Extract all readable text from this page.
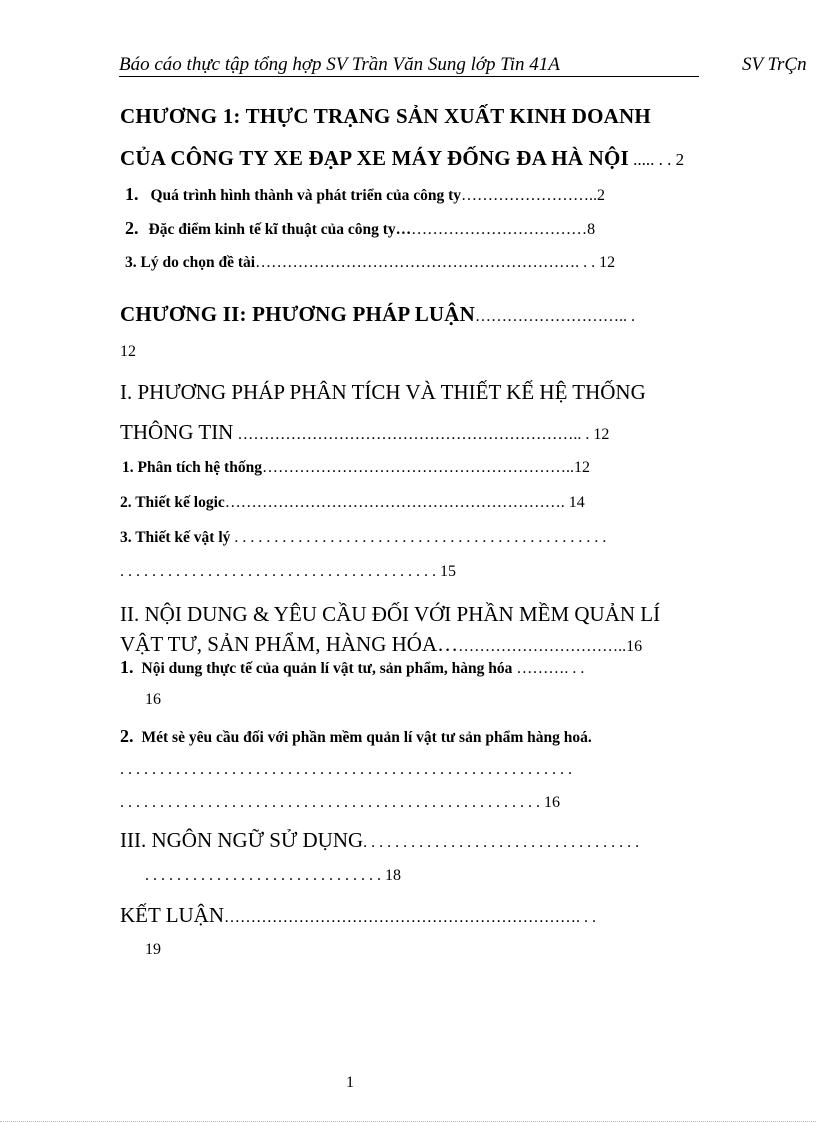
Báo cáo thực tập tổng hợp SV Trần Văn Sung lớp Tin 41A	SV TrÇn
CHƯƠNG 1: THỰC TRẠNG SẢN XUẤT KINH DOANH
CỦA CÔNG TY XE ĐẠP XE MÁY ĐỐNG ĐA HÀ NỘI ..... . . 2
1. Quá trình hình thành và phát triển của công ty……………………..2
2. Đặc điểm kinh tế kĩ thuật của công ty………………………………8
3. Lý do chọn đề tài……………………………………………………. . . 12
CHƯƠNG II: PHƯƠNG PHÁP LUẬN……………………….. .
12
I. PHƯƠNG PHÁP PHÂN TÍCH VÀ THIẾT KẾ HỆ THỐNG
THÔNG TIN ……………………………………………………….. . 12
1. Phân tích hệ thống…………………………………………………..12
2. Thiết kế logic………………………………………………………. 14
3. Thiết kế vật lý . . . . . . . . . . . . . . . . . . . . . . . . . . . . . . . . . . . . . . . . . . . . . . .
. . . . . . . . . . . . . . . . . . . . . . . . . . . . . . . . . . . . . . . . 15
II. NỘI DUNG & YÊU CẦU ĐỐI VỚI PHẦN MỀM QUẢN LÍ
VẬT TƯ, SẢN PHẨM, HÀNG HÓA……………………………..16
1. Nội dung thực tế của quản lí vật tư, sản phẩm, hàng hóa ………. . .
16
2. Mét sè yêu cầu đối với phần mềm quản lí vật tư sản phẩm hàng hoá.
. . . . . . . . . . . . . . . . . . . . . . . . . . . . . . . . . . . . . . . . . . . . . . . . . . . . . . . . .
. . . . . . . . . . . . . . . . . . . . . . . . . . . . . . . . . . . . . . . . . . . . . . . . . . . . . 16
III. NGÔN NGỮ SỬ DỤNG. . . . . . . . . . . . . . . . . . . . . . . . . . . . . . . . . . .
. . . . . . . . . . . . . . . . . . . . . . . . . . . . . . 18
KẾT LUẬN…………………………………………………………. . .
19
1
